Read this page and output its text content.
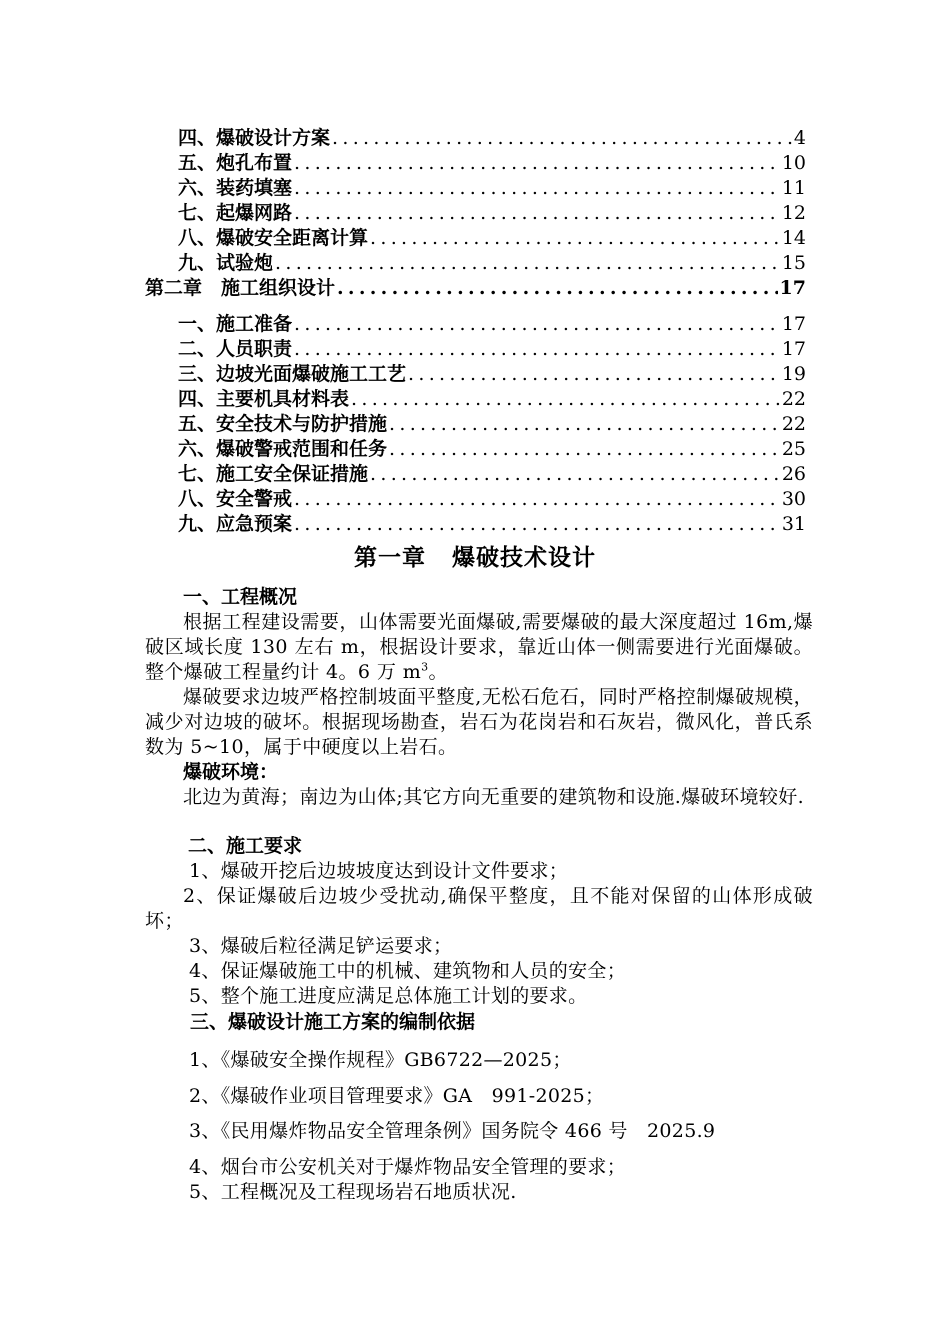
四、爆破设计方案 .....	4
五、炮孔布置 .....	10
六、装药填塞 .....	11
七、起爆网路 .....	12
八、爆破安全距离计算 .....	14
九、试验炮 .....	15
第二章　施工组织设计 .....	17
一、施工准备 .....	17
二、人员职责 .....	17
三、边坡光面爆破施工工艺 .....	19
四、主要机具材料表 .....	22
五、安全技术与防护措施 .....	22
六、爆破警戒范围和任务 .....	25
七、施工安全保证措施 .....	26
八、安全警戒 .....	30
九、应急预案 .....	31
第一章 爆破技术设计
一、工程概况
根据工程建设需要，山体需要光面爆破,需要爆破的最大深度超过 16m,爆破区域长度 130 左右 m，根据设计要求，靠近山体一侧需要进行光面爆破。整个爆破工程量约计 4。6 万 $m^3$。
爆破要求边坡严格控制坡面平整度,无松石危石，同时严格控制爆破规模，减少对边坡的破坏。根据现场勘查，岩石为花岗岩和石灰岩，微风化，普氏系数为 5~10，属于中硬度以上岩石。
爆破环境：
北边为黄海；南边为山体;其它方向无重要的建筑物和设施.爆破环境较好.
二、施工要求
1、爆破开挖后边坡坡度达到设计文件要求；
2、保证爆破后边坡少受扰动,确保平整度，且不能对保留的山体形成破坏；
3、爆破后粒径满足铲运要求；
4、保证爆破施工中的机械、建筑物和人员的安全；
5、整个施工进度应满足总体施工计划的要求。
三、爆破设计施工方案的编制依据
1、《爆破安全操作规程》GB6722—2025；
2、《爆破作业项目管理要求》GA　991-2025；
3、《民用爆炸物品安全管理条例》国务院令 466 号　2025.9
4、烟台市公安机关对于爆炸物品安全管理的要求；
5、工程概况及工程现场岩石地质状况.
